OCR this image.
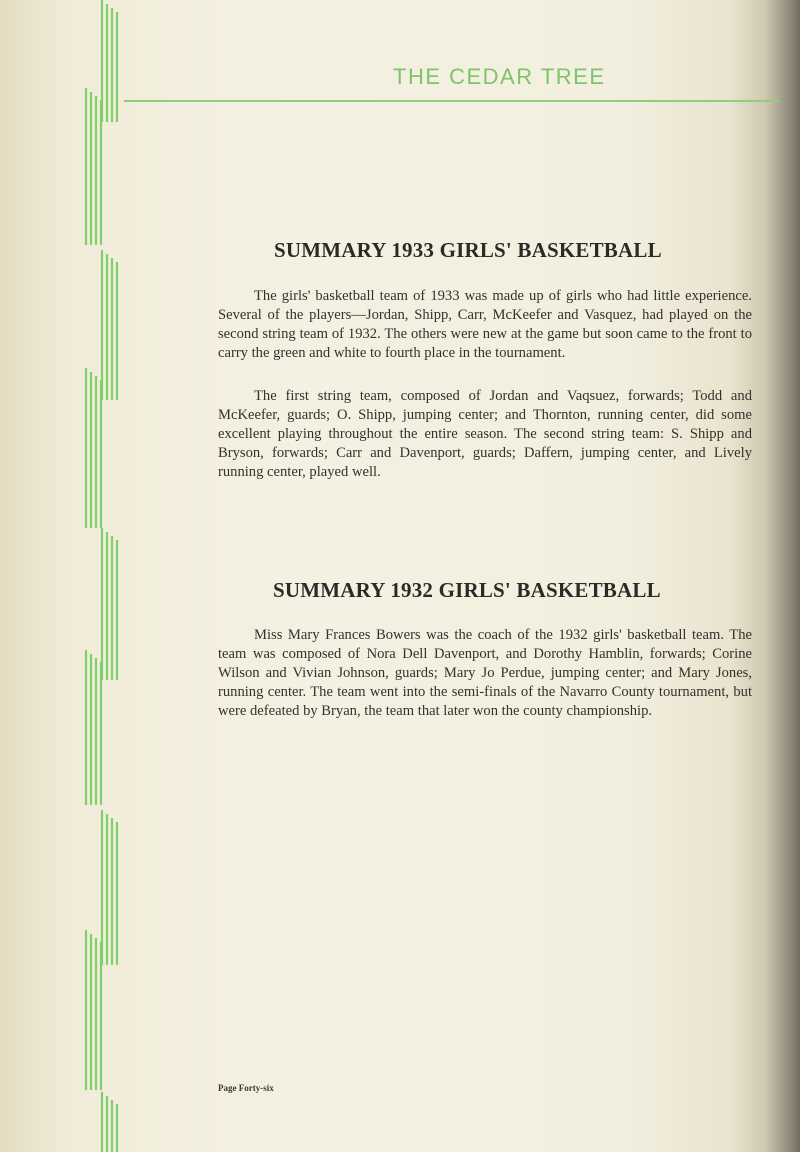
THE CEDAR TREE
SUMMARY 1933 GIRLS' BASKETBALL

The girls' basketball team of 1933 was made up of girls who had little experience. Several of the players—Jordan, Shipp, Carr, McKeefer and Vasquez, had played on the second string team of 1932. The others were new at the game but soon came to the front to carry the green and white to fourth place in the tournament.

The first string team, composed of Jordan and Vaqsuez, forwards; Todd and McKeefer, guards; O. Shipp, jumping center; and Thornton, running center, did some excellent playing throughout the entire season. The second string team: S. Shipp and Bryson, forwards; Carr and Davenport, guards; Daffern, jumping center, and Lively running center, played well.

SUMMARY 1932 GIRLS' BASKETBALL

Miss Mary Frances Bowers was the coach of the 1932 girls' basketball team. The team was composed of Nora Dell Davenport, and Dorothy Hamblin, forwards; Corine Wilson and Vivian Johnson, guards; Mary Jo Perdue, jumping center; and Mary Jones, running center. The team went into the semi-finals of the Navarro County tournament, but were defeated by Bryan, the team that later won the county championship.

Page Forty-six
